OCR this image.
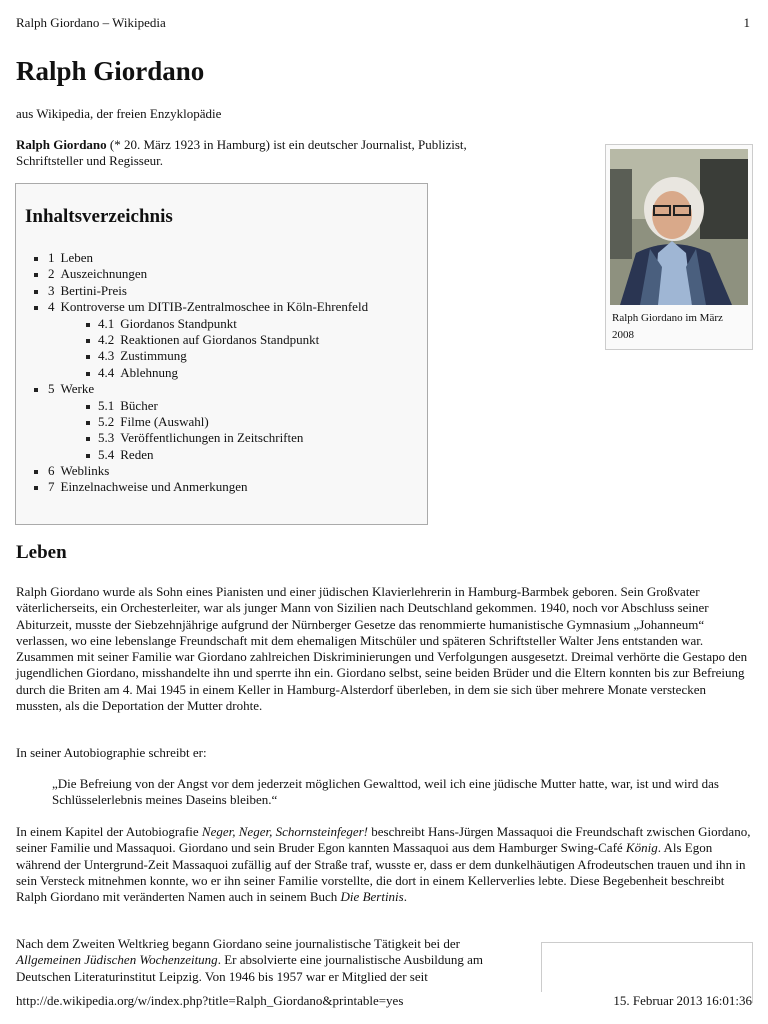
Ralph Giordano – Wikipedia	1
Ralph Giordano
aus Wikipedia, der freien Enzyklopädie
Ralph Giordano (* 20. März 1923 in Hamburg) ist ein deutscher Journalist, Publizist, Schriftsteller und Regisseur.
Ralph Giordano im März 2008
Inhaltsverzeichnis
1 Leben
2 Auszeichnungen
3 Bertini-Preis
4 Kontroverse um DITIB-Zentralmoschee in Köln-Ehrenfeld
4.1 Giordanos Standpunkt
4.2 Reaktionen auf Giordanos Standpunkt
4.3 Zustimmung
4.4 Ablehnung
5 Werke
5.1 Bücher
5.2 Filme (Auswahl)
5.3 Veröffentlichungen in Zeitschriften
5.4 Reden
6 Weblinks
7 Einzelnachweise und Anmerkungen
Leben
Ralph Giordano wurde als Sohn eines Pianisten und einer jüdischen Klavierlehrerin in Hamburg-Barmbek geboren. Sein Großvater väterlicherseits, ein Orchesterleiter, war als junger Mann von Sizilien nach Deutschland gekommen. 1940, noch vor Abschluss seiner Abiturzeit, musste der Siebzehnjährige aufgrund der Nürnberger Gesetze das renommierte humanistische Gymnasium „Johanneum“ verlassen, wo eine lebenslange Freundschaft mit dem ehemaligen Mitschüler und späteren Schriftsteller Walter Jens entstanden war. Zusammen mit seiner Familie war Giordano zahlreichen Diskriminierungen und Verfolgungen ausgesetzt. Dreimal verhörte die Gestapo den jugendlichen Giordano, misshandelte ihn und sperrte ihn ein. Giordano selbst, seine beiden Brüder und die Eltern konnten bis zur Befreiung durch die Briten am 4. Mai 1945 in einem Keller in Hamburg-Alsterdorf überleben, in dem sie sich über mehrere Monate verstecken mussten, als die Deportation der Mutter drohte.
In seiner Autobiographie schreibt er:
„Die Befreiung von der Angst vor dem jederzeit möglichen Gewalttod, weil ich eine jüdische Mutter hatte, war, ist und wird das Schlüsselerlebnis meines Daseins bleiben.“
In einem Kapitel der Autobiografie Neger, Neger, Schornsteinfeger! beschreibt Hans-Jürgen Massaquoi die Freundschaft zwischen Giordano, seiner Familie und Massaquoi. Giordano und sein Bruder Egon kannten Massaquoi aus dem Hamburger Swing-Café König. Als Egon während der Untergrund-Zeit Massaquoi zufällig auf der Straße traf, wusste er, dass er dem dunkelhäutigen Afrodeutschen trauen und ihn in sein Versteck mitnehmen konnte, wo er ihn seiner Familie vorstellte, die dort in einem Kellerverlies lebte. Diese Begebenheit beschreibt Ralph Giordano mit veränderten Namen auch in seinem Buch Die Bertinis.
Nach dem Zweiten Weltkrieg begann Giordano seine journalistische Tätigkeit bei der Allgemeinen Jüdischen Wochenzeitung. Er absolvierte eine journalistische Ausbildung am Deutschen Literaturinstitut Leipzig. Von 1946 bis 1957 war er Mitglied der seit
http://de.wikipedia.org/w/index.php?title=Ralph_Giordano&printable=yes	15. Februar 2013 16:01:36
